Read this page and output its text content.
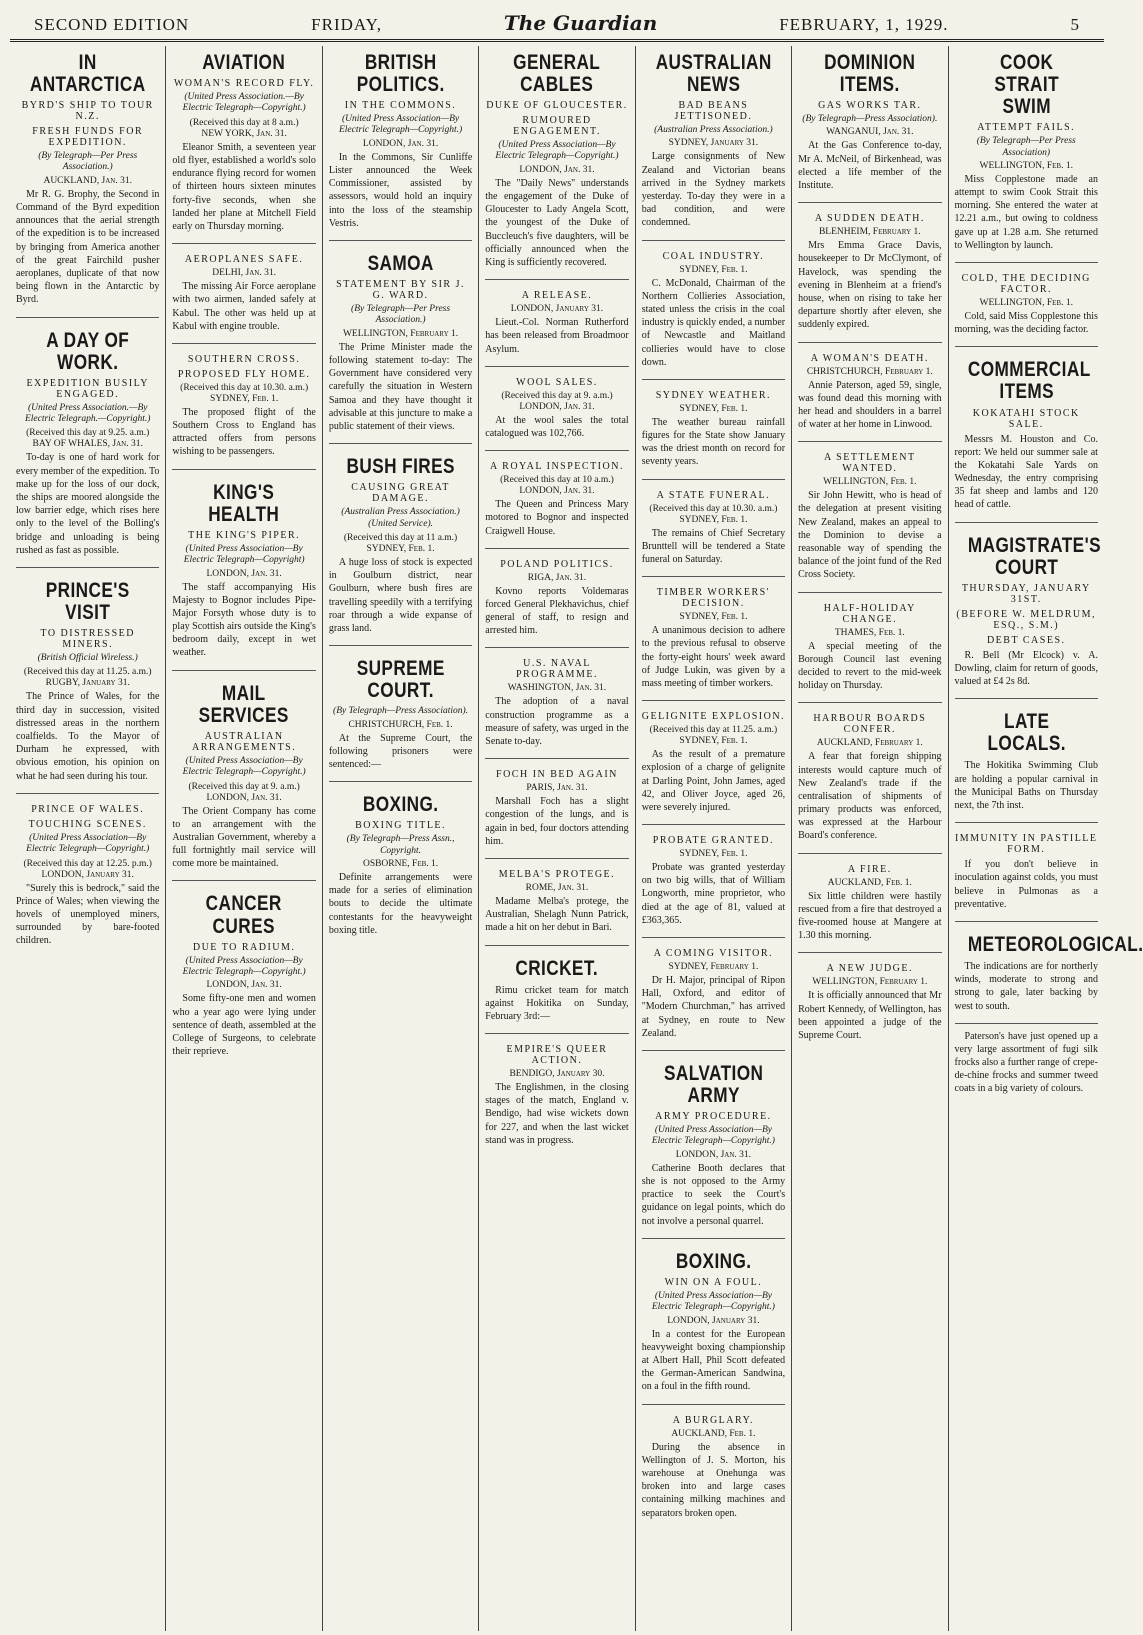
SECOND EDITION	FRIDAY,	The Guardian	FEBRUARY, 1, 1929.	5
IN ANTARCTICA
BYRD'S SHIP TO TOUR N.Z.
FRESH FUNDS FOR EXPEDITION.
(By Telegraph—Per Press Association.)
AUCKLAND, Jan. 31.

Mr R. G. Brophy, the Second in Command of the Byrd expedition announces that the aerial strength of the expedition is to be increased by bringing from America another of the great Fairchild pusher aeroplanes, duplicate of that now being flown in the Antarctic by Byrd.

A DAY OF WORK.
EXPEDITION BUSILY ENGAGED.
(United Press Association.—By Electric Telegraph.—Copyright.)
(Received this day at 9.25. a.m.)
BAY OF WHALES, Jan. 31.

To-day is one of hard work for every member of the expedition. To make up for the loss of our dock, the ships are moored alongside the low barrier edge, which rises here only to the level of the Bolling's bridge and unloading is being rushed as fast as possible.

PRINCE'S VISIT
TO DISTRESSED MINERS.
(British Official Wireless.)
(Received this day at 11.25. a.m.)
RUGBY, January 31.

The Prince of Wales, for the third day in succession, visited distressed areas in the northern coalfields. To the Mayor of Durham he expressed, with obvious emotion, his opinion on what he had seen during his tour.

PRINCE OF WALES.
TOUCHING SCENES.
(United Press Association—By Electric Telegraph—Copyright.)
(Received this day at 12.25. p.m.)
LONDON, January 31.

"Surely this is bedrock," said the Prince of Wales; when viewing the hovels of unemployed miners, surrounded by bare-footed children.

AVIATION
WOMAN'S RECORD FLY.
(United Press Association.—By Electric Telegraph—Copyright.)
(Received this day at 8 a.m.)
NEW YORK, Jan. 31.

Eleanor Smith, a seventeen year old flyer, established a world's solo endurance flying record for women of thirteen hours sixteen minutes forty-five seconds, when she landed her plane at Mitchell Field early on Thursday morning.

AEROPLANES SAFE.
DELHI, Jan. 31.

The missing Air Force aeroplane with two airmen, landed safely at Kabul. The other was held up at Kabul with engine trouble.

SOUTHERN CROSS.
PROPOSED FLY HOME.
(Received this day at 10.30. a.m.)
SYDNEY, Feb. 1.

The proposed flight of the Southern Cross to England has attracted offers from persons wishing to be passengers.

KING'S HEALTH
THE KING'S PIPER.
(United Press Association—By Electric Telegraph—Copyright)
LONDON, Jan. 31.

The staff accompanying His Majesty to Bognor includes Pipe-Major Forsyth whose duty is to play Scottish airs outside the King's bedroom daily, except in wet weather.

MAIL SERVICES
AUSTRALIAN ARRANGEMENTS.
(United Press Association—By Electric Telegraph—Copyright.)
(Received this day at 9. a.m.)
LONDON, Jan. 31.

The Orient Company has come to an arrangement with the Australian Government, whereby a full fortnightly mail service will come more be maintained.

CANCER CURES
DUE TO RADIUM.
(United Press Association—By Electric Telegraph—Copyright.)
LONDON, Jan. 31.

Some fifty-one men and women who a year ago were lying under sentence of death, assembled at the College of Surgeons, to celebrate their reprieve.

BRITISH POLITICS.
IN THE COMMONS.
(United Press Association—By Electric Telegraph—Copyright.)
LONDON, Jan. 31.

In the Commons, Sir Cunliffe Lister announced the Week Commissioner, assisted by assessors, would hold an inquiry into the loss of the steamship Vestris.

SAMOA
STATEMENT BY SIR J. G. WARD.
(By Telegraph—Per Press Association.)
WELLINGTON, February 1.

The Prime Minister made the following statement to-day: The Government have considered very carefully the situation in Western Samoa and they have thought it advisable at this juncture to make a public statement of their views.

BUSH FIRES
CAUSING GREAT DAMAGE.
(Australian Press Association.) (United Service).
(Received this day at 11 a.m.)
SYDNEY, Feb. 1.

A huge loss of stock is expected in Goulburn district, near Goulburn, where bush fires are travelling speedily with a terrifying roar through a wide expanse of grass land.

SUPREME COURT.
(By Telegraph—Press Association).
CHRISTCHURCH, Feb. 1.

At the Supreme Court, the following prisoners were sentenced:—

BOXING.
BOXING TITLE.
(By Telegraph—Press Assn., Copyright.
OSBORNE, Feb. 1.

Definite arrangements were made for a series of elimination bouts to decide the ultimate contestants for the heavyweight boxing title.

GENERAL CABLES
DUKE OF GLOUCESTER.
RUMOURED ENGAGEMENT.
(United Press Association—By Electric Telegraph—Copyright.)
LONDON, Jan. 31.

The "Daily News" understands the engagement of the Duke of Gloucester to Lady Angela Scott, the youngest of the Duke of Buccleuch's five daughters, will be officially announced when the King is sufficiently recovered.

A RELEASE.
LONDON, January 31.

Lieut.-Col. Norman Rutherford has been released from Broadmoor Asylum.

WOOL SALES.
(Received this day at 9. a.m.)
LONDON, Jan. 31.

At the wool sales the total catalogued was 102,766.

A ROYAL INSPECTION.
(Received this day at 10 a.m.)
LONDON, Jan. 31.

The Queen and Princess Mary motored to Bognor and inspected Craigwell House.

POLAND POLITICS.
RIGA, Jan. 31.

Kovno reports Voldemaras forced General Plekhavichus, chief general of staff, to resign and arrested him.

U.S. NAVAL PROGRAMME.
WASHINGTON, Jan. 31.

The adoption of a naval construction programme as a measure of safety, was urged in the Senate to-day.

FOCH IN BED AGAIN
PARIS, Jan. 31.

Marshall Foch has a slight congestion of the lungs, and is again in bed, four doctors attending him.

MELBA'S PROTEGE.
ROME, Jan. 31.

Madame Melba's protege, the Australian, Shelagh Nunn Patrick, made a hit on her debut in Bari.

CRICKET.

Rimu cricket team for match against Hokitika on Sunday, February 3rd:—

EMPIRE'S QUEER ACTION.
BENDIGO, January 30.

The Englishmen, in the closing stages of the match, England v. Bendigo, had wise wickets down for 227, and when the last wicket stand was in progress.

AUSTRALIAN NEWS
BAD BEANS JETTISONED.
(Australian Press Association.)
SYDNEY, January 31.

Large consignments of New Zealand and Victorian beans arrived in the Sydney markets yesterday. To-day they were in a bad condition, and were condemned.

COAL INDUSTRY.
SYDNEY, Feb. 1.

C. McDonald, Chairman of the Northern Collieries Association, stated unless the crisis in the coal industry is quickly ended, a number of Newcastle and Maitland collieries would have to close down.

SYDNEY WEATHER.
SYDNEY, Feb. 1.

The weather bureau rainfall figures for the State show January was the driest month on record for seventy years.

A STATE FUNERAL.
(Received this day at 10.30. a.m.)
SYDNEY, Feb. 1.

The remains of Chief Secretary Brunttell will be tendered a State funeral on Saturday.

TIMBER WORKERS' DECISION.
SYDNEY, Feb. 1.

A unanimous decision to adhere to the previous refusal to observe the forty-eight hours' week award of Judge Lukin, was given by a mass meeting of timber workers.

GELIGNITE EXPLOSION.
(Received this day at 11.25. a.m.)
SYDNEY, Feb. 1.

As the result of a premature explosion of a charge of gelignite at Darling Point, John James, aged 42, and Oliver Joyce, aged 26, were severely injured.

PROBATE GRANTED.
SYDNEY, Feb. 1.

Probate was granted yesterday on two big wills, that of William Longworth, mine proprietor, who died at the age of 81, valued at £363,365.

A COMING VISITOR.
SYDNEY, February 1.

Dr H. Major, principal of Ripon Hall, Oxford, and editor of "Modern Churchman," has arrived at Sydney, en route to New Zealand.

SALVATION ARMY
ARMY PROCEDURE.
(United Press Association—By Electric Telegraph—Copyright.)
LONDON, Jan. 31.

Catherine Booth declares that she is not opposed to the Army practice to seek the Court's guidance on legal points, which do not involve a personal quarrel.

BOXING.
WIN ON A FOUL.
(United Press Association—By Electric Telegraph—Copyright.)
LONDON, January 31.

In a contest for the European heavyweight boxing championship at Albert Hall, Phil Scott defeated the German-American Sandwina, on a foul in the fifth round.

A BURGLARY.
AUCKLAND, Feb. 1.

During the absence in Wellington of J. S. Morton, his warehouse at Onehunga was broken into and large cases containing milking machines and separators broken open.

DOMINION ITEMS.
GAS WORKS TAR.
(By Telegraph—Press Association).
WANGANUI, Jan. 31.

At the Gas Conference to-day, Mr A. McNeil, of Birkenhead, was elected a life member of the Institute.

A SUDDEN DEATH.
BLENHEIM, February 1.

Mrs Emma Grace Davis, housekeeper to Dr McClymont, of Havelock, was spending the evening in Blenheim at a friend's house, when on rising to take her departure shortly after eleven, she suddenly expired.

A WOMAN'S DEATH.
CHRISTCHURCH, February 1.

Annie Paterson, aged 59, single, was found dead this morning with her head and shoulders in a barrel of water at her home in Linwood.

A SETTLEMENT WANTED.
WELLINGTON, Feb. 1.

Sir John Hewitt, who is head of the delegation at present visiting New Zealand, makes an appeal to the Dominion to devise a reasonable way of spending the balance of the joint fund of the Red Cross Society.

HALF-HOLIDAY CHANGE.
THAMES, Feb. 1.

A special meeting of the Borough Council last evening decided to revert to the mid-week holiday on Thursday.

HARBOUR BOARDS CONFER.
AUCKLAND, February 1.

A fear that foreign shipping interests would capture much of New Zealand's trade if the centralisation of shipments of primary products was enforced, was expressed at the Harbour Board's conference.

A FIRE.
AUCKLAND, Feb. 1.

Six little children were hastily rescued from a fire that destroyed a five-roomed house at Mangere at 1.30 this morning.

A NEW JUDGE.
WELLINGTON, February 1.

It is officially announced that Mr Robert Kennedy, of Wellington, has been appointed a judge of the Supreme Court.

COOK STRAIT SWIM
ATTEMPT FAILS.
(By Telegraph—Per Press Association)
WELLINGTON, Feb. 1.

Miss Copplestone made an attempt to swim Cook Strait this morning. She entered the water at 12.21 a.m., but owing to coldness gave up at 1.28 a.m. She returned to Wellington by launch.

COLD, THE DECIDING FACTOR.
WELLINGTON, Feb. 1.

Cold, said Miss Copplestone this morning, was the deciding factor.

COMMERCIAL ITEMS
KOKATAHI STOCK SALE.

Messrs M. Houston and Co. report: We held our summer sale at the Kokatahi Sale Yards on Wednesday, the entry comprising 35 fat sheep and lambs and 120 head of cattle.

MAGISTRATE'S COURT
THURSDAY, JANUARY 31ST.
(BEFORE W. MELDRUM, ESQ., S.M.)
DEBT CASES.

R. Bell (Mr Elcock) v. A. Dowling, claim for return of goods, valued at £4 2s 8d.

LATE LOCALS.

The Hokitika Swimming Club are holding a popular carnival in the Municipal Baths on Thursday next, the 7th inst.

IMMUNITY IN PASTILLE FORM.

If you don't believe in inoculation against colds, you must believe in Pulmonas as a preventative.

METEOROLOGICAL.

The indications are for northerly winds, moderate to strong and strong to gale, later backing by west to south.

Paterson's have just opened up a very large assortment of fugi silk frocks also a further range of crepe-de-chine frocks and summer tweed coats in a big variety of colours.
